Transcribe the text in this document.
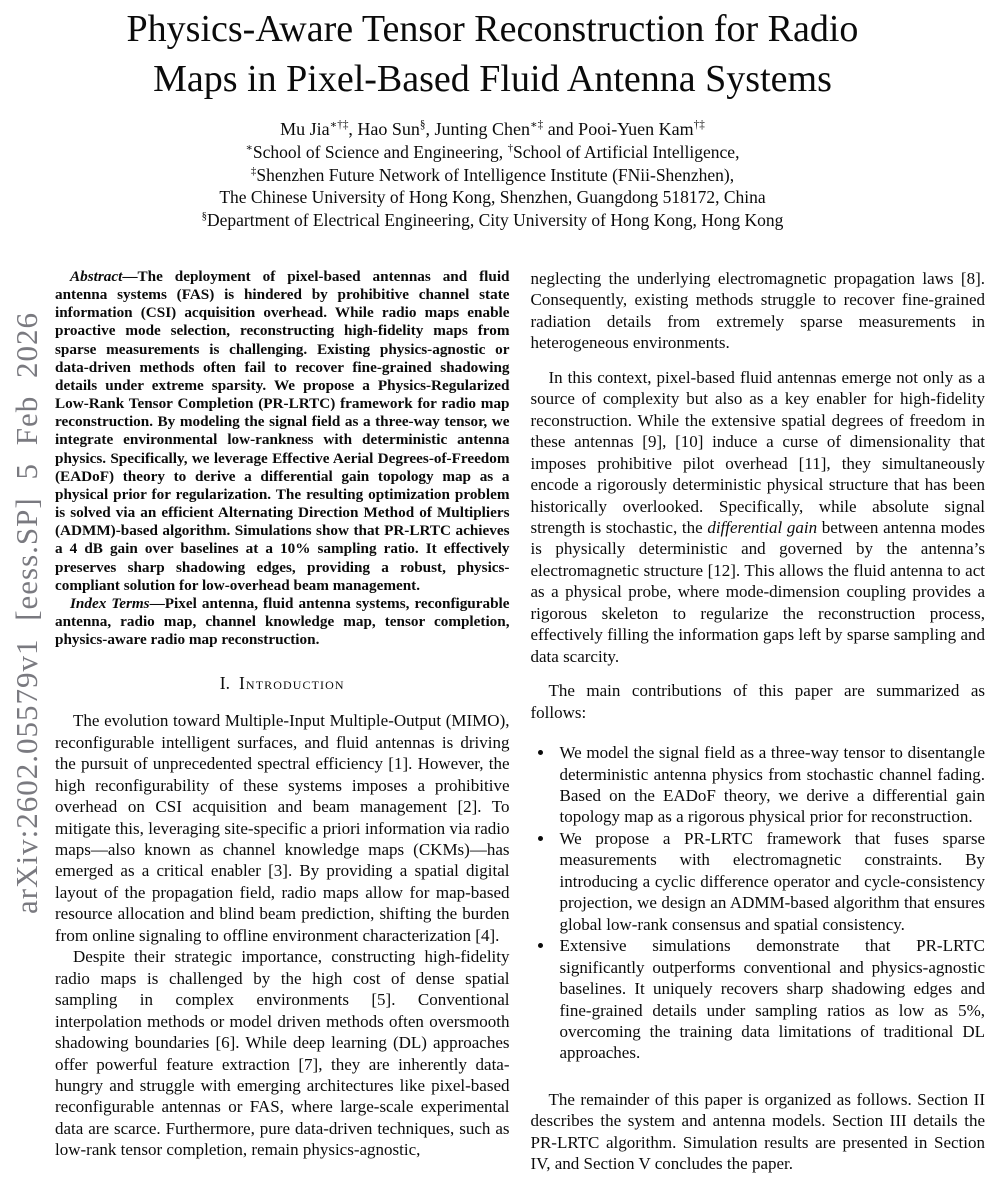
arXiv:2602.05579v1 [eess.SP] 5 Feb 2026
Physics-Aware Tensor Reconstruction for Radio
Maps in Pixel-Based Fluid Antenna Systems
Mu Jia∗†‡, Hao Sun§, Junting Chen∗‡ and Pooi-Yuen Kam†‡
∗School of Science and Engineering, †School of Artificial Intelligence,
‡Shenzhen Future Network of Intelligence Institute (FNii-Shenzhen),
The Chinese University of Hong Kong, Shenzhen, Guangdong 518172, China
§Department of Electrical Engineering, City University of Hong Kong, Hong Kong

Abstract—The deployment of pixel-based antennas and fluid antenna systems (FAS) is hindered by prohibitive channel state information (CSI) acquisition overhead. While radio maps enable proactive mode selection, reconstructing high-fidelity maps from sparse measurements is challenging. Existing physics-agnostic or data-driven methods often fail to recover fine-grained shadowing details under extreme sparsity. We propose a Physics-Regularized Low-Rank Tensor Completion (PR-LRTC) framework for radio map reconstruction. By modeling the signal field as a three-way tensor, we integrate environmental low-rankness with deterministic antenna physics. Specifically, we leverage Effective Aerial Degrees-of-Freedom (EADoF) theory to derive a differential gain topology map as a physical prior for regularization. The resulting optimization problem is solved via an efficient Alternating Direction Method of Multipliers (ADMM)-based algorithm. Simulations show that PR-LRTC achieves a 4 dB gain over baselines at a 10% sampling ratio. It effectively preserves sharp shadowing edges, providing a robust, physics-compliant solution for low-overhead beam management.

Index Terms—Pixel antenna, fluid antenna systems, reconfigurable antenna, radio map, channel knowledge map, tensor completion, physics-aware radio map reconstruction.

I. Introduction

The evolution toward Multiple-Input Multiple-Output (MIMO), reconfigurable intelligent surfaces, and fluid antennas is driving the pursuit of unprecedented spectral efficiency [1]. However, the high reconfigurability of these systems imposes a prohibitive overhead on CSI acquisition and beam management [2]. To mitigate this, leveraging site-specific a priori information via radio maps—also known as channel knowledge maps (CKMs)—has emerged as a critical enabler [3]. By providing a spatial digital layout of the propagation field, radio maps allow for map-based resource allocation and blind beam prediction, shifting the burden from online signaling to offline environment characterization [4].

Despite their strategic importance, constructing high-fidelity radio maps is challenged by the high cost of dense spatial sampling in complex environments [5]. Conventional interpolation methods or model driven methods often oversmooth shadowing boundaries [6]. While deep learning (DL) approaches offer powerful feature extraction [7], they are inherently data-hungry and struggle with emerging architectures like pixel-based reconfigurable antennas or FAS, where large-scale experimental data are scarce. Furthermore, pure data-driven techniques, such as low-rank tensor completion, remain physics-agnostic,

neglecting the underlying electromagnetic propagation laws [8]. Consequently, existing methods struggle to recover fine-grained radiation details from extremely sparse measurements in heterogeneous environments.

In this context, pixel-based fluid antennas emerge not only as a source of complexity but also as a key enabler for high-fidelity reconstruction. While the extensive spatial degrees of freedom in these antennas [9], [10] induce a curse of dimensionality that imposes prohibitive pilot overhead [11], they simultaneously encode a rigorously deterministic physical structure that has been historically overlooked. Specifically, while absolute signal strength is stochastic, the differential gain between antenna modes is physically deterministic and governed by the antenna’s electromagnetic structure [12]. This allows the fluid antenna to act as a physical probe, where mode-dimension coupling provides a rigorous skeleton to regularize the reconstruction process, effectively filling the information gaps left by sparse sampling and data scarcity.

The main contributions of this paper are summarized as follows:

• We model the signal field as a three-way tensor to disentangle deterministic antenna physics from stochastic channel fading. Based on the EADoF theory, we derive a differential gain topology map as a rigorous physical prior for reconstruction.
• We propose a PR-LRTC framework that fuses sparse measurements with electromagnetic constraints. By introducing a cyclic difference operator and cycle-consistency projection, we design an ADMM-based algorithm that ensures global low-rank consensus and spatial consistency.
• Extensive simulations demonstrate that PR-LRTC significantly outperforms conventional and physics-agnostic baselines. It uniquely recovers sharp shadowing edges and fine-grained details under sampling ratios as low as 5%, overcoming the training data limitations of traditional DL approaches.

The remainder of this paper is organized as follows. Section II describes the system and antenna models. Section III details the PR-LRTC algorithm. Simulation results are presented in Section IV, and Section V concludes the paper.
